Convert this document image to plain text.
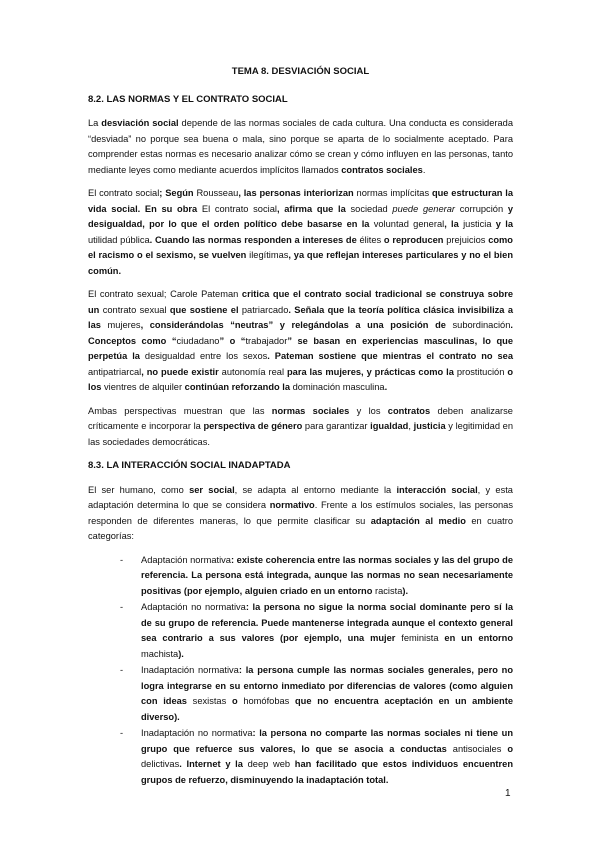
TEMA 8. DESVIACIÓN SOCIAL
8.2. LAS NORMAS Y EL CONTRATO SOCIAL

La desviación social depende de las normas sociales de cada cultura. Una conducta es considerada “desviada” no porque sea buena o mala, sino porque se aparta de lo socialmente aceptado. Para comprender estas normas es necesario analizar cómo se crean y cómo influyen en las personas, tanto mediante leyes como mediante acuerdos implícitos llamados contratos sociales.

El contrato social; Según Rousseau, las personas interiorizan normas implícitas que estructuran la vida social. En su obra El contrato social, afirma que la sociedad puede generar corrupción y desigualdad, por lo que el orden político debe basarse en la voluntad general, la justicia y la utilidad pública. Cuando las normas responden a intereses de élites o reproducen prejuicios como el racismo o el sexismo, se vuelven ilegítimas, ya que reflejan intereses particulares y no el bien común.

El contrato sexual; Carole Pateman critica que el contrato social tradicional se construya sobre un contrato sexual que sostiene el patriarcado. Señala que la teoría política clásica invisibiliza a las mujeres, considerándolas “neutras” y relegándolas a una posición de subordinación. Conceptos como “ciudadano” o “trabajador” se basan en experiencias masculinas, lo que perpetúa la desigualdad entre los sexos. Pateman sostiene que mientras el contrato no sea antipatriarcal, no puede existir autonomía real para las mujeres, y prácticas como la prostitución o los vientres de alquiler continúan reforzando la dominación masculina.

Ambas perspectivas muestran que las normas sociales y los contratos deben analizarse críticamente e incorporar la perspectiva de género para garantizar igualdad, justicia y legitimidad en las sociedades democráticas.

8.3. LA INTERACCIÓN SOCIAL INADAPTADA

El ser humano, como ser social, se adapta al entorno mediante la interacción social, y esta adaptación determina lo que se considera normativo. Frente a los estímulos sociales, las personas responden de diferentes maneras, lo que permite clasificar su adaptación al medio en cuatro categorías:

- Adaptación normativa: existe coherencia entre las normas sociales y las del grupo de referencia. La persona está integrada, aunque las normas no sean necesariamente positivas (por ejemplo, alguien criado en un entorno racista).
- Adaptación no normativa: la persona no sigue la norma social dominante pero sí la de su grupo de referencia. Puede mantenerse integrada aunque el contexto general sea contrario a sus valores (por ejemplo, una mujer feminista en un entorno machista).
- Inadaptación normativa: la persona cumple las normas sociales generales, pero no logra integrarse en su entorno inmediato por diferencias de valores (como alguien con ideas sexistas o homófobas que no encuentra aceptación en un ambiente diverso).
- Inadaptación no normativa: la persona no comparte las normas sociales ni tiene un grupo que refuerce sus valores, lo que se asocia a conductas antisociales o delictivas. Internet y la deep web han facilitado que estos individuos encuentren grupos de refuerzo, disminuyendo la inadaptación total.
1
